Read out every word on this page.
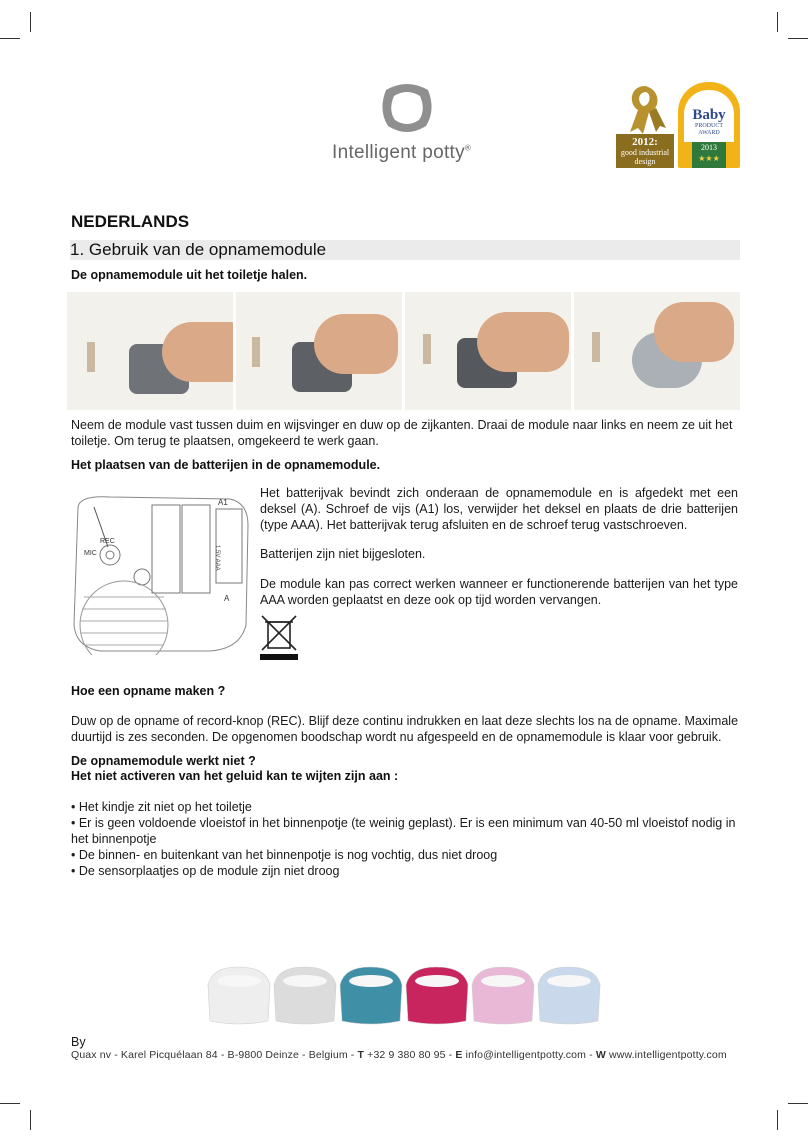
Intelligent potty®
2012:
good industrial
design
Baby
PRODUCT
AWARD
2013
★★★
NEDERLANDS
1. Gebruik van de opnamemodule
De opnamemodule uit het toiletje halen.
Neem de module vast tussen duim en wijsvinger en duw op de zijkanten. Draai de module naar links en neem ze uit het toiletje. Om terug te plaatsen, omgekeerd te werk gaan.
Het plaatsen van de batterijen in de opnamemodule.
A1
REC
MIC
A
1.5V AAA
Het batterijvak bevindt zich onderaan de opnamemodule en is afgedekt met een deksel (A). Schroef de vijs (A1) los, verwijder het deksel en plaats de drie batterijen (type AAA). Het batterijvak terug afsluiten en de schroef terug vastschroeven.
Batterijen zijn niet bijgesloten.
De module kan pas correct werken wanneer er functionerende batterijen van het type AAA worden geplaatst en deze ook op tijd worden vervangen.
Hoe een opname maken ?
Duw op de opname of record-knop (REC). Blijf deze continu indrukken en laat deze slechts los na de opname. Maximale duurtijd is zes seconden. De opgenomen boodschap wordt nu afgespeeld en de opnamemodule is klaar voor gebruik.
De opnamemodule werkt niet ?
Het niet activeren van het geluid kan te wijten zijn aan :
• Het kindje zit niet op het toiletje
• Er is geen voldoende vloeistof in het binnenpotje (te weinig geplast). Er is een minimum van 40-50 ml vloeistof nodig in het binnenpotje
• De binnen- en buitenkant van het binnenpotje is nog vochtig, dus niet droog
• De sensorplaatjes op de module zijn niet droog
By
Quax nv - Karel Picquélaan 84 - B-9800 Deinze - Belgium - T +32 9 380 80 95 - E info@intelligentpotty.com - W www.intelligentpotty.com
